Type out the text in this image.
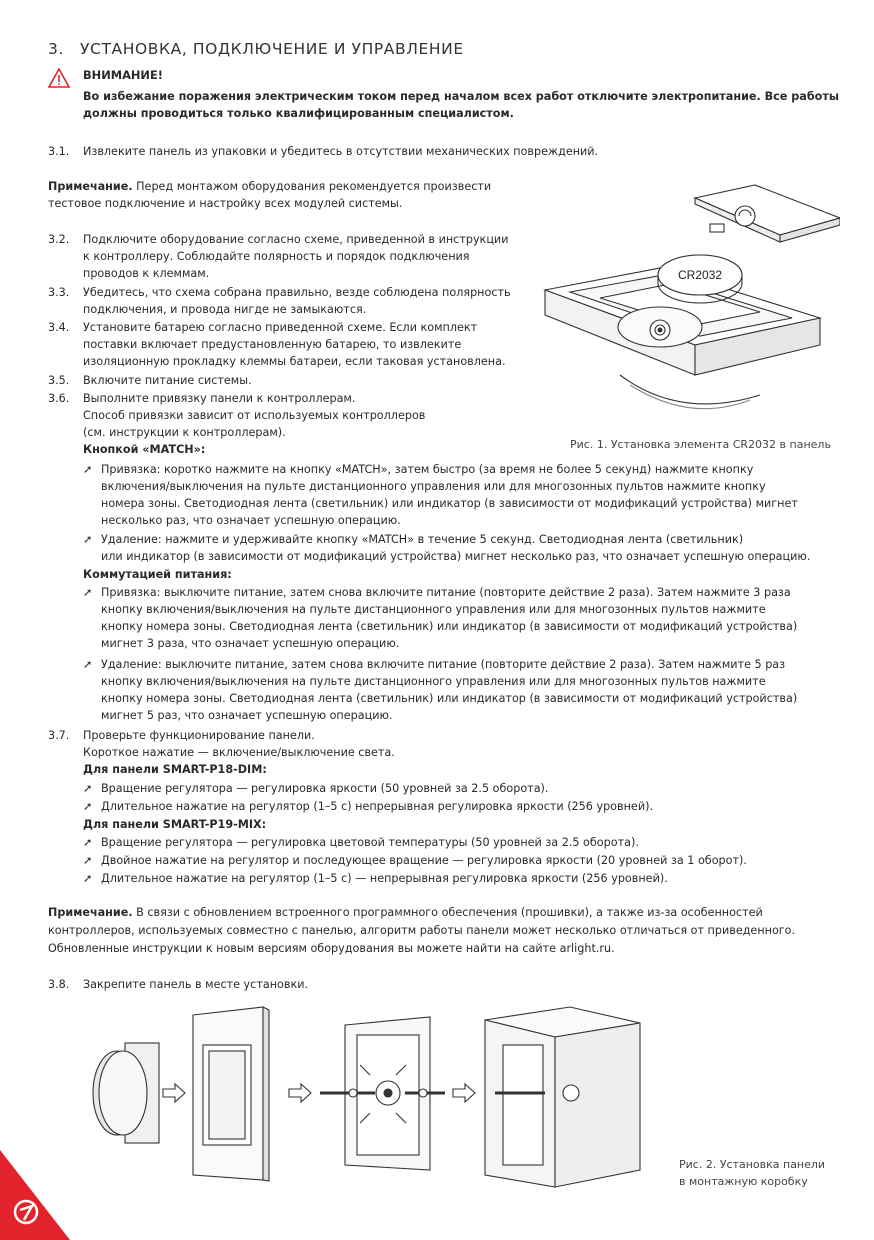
3. УСТАНОВКА, ПОДКЛЮЧЕНИЕ И УПРАВЛЕНИЕ
ВНИМАНИЕ!
Во избежание поражения электрическим током перед началом всех работ отключите электропитание. Все работы
должны проводиться только квалифицированным специалистом.
3.1. Извлеките панель из упаковки и убедитесь в отсутствии механических повреждений.
Примечание. Перед монтажом оборудования рекомендуется произвести
тестовое подключение и настройку всех модулей системы.
3.2. Подключите оборудование согласно схеме, приведенной в инструкции
к контроллеру. Соблюдайте полярность и порядок подключения
проводов к клеммам.
3.3. Убедитесь, что схема собрана правильно, везде соблюдена полярность
подключения, и провода нигде не замыкаются.
3.4. Установите батарею согласно приведенной схеме. Если комплект
поставки включает предустановленную батарею, то извлеките
изоляционную прокладку клеммы батареи, если таковая установлена.
3.5. Включите питание системы.
3.6. Выполните привязку панели к контроллерам.
Способ привязки зависит от используемых контроллеров
(см. инструкции к контроллерам).
Кнопкой «MATCH»:
CR2032
Рис. 1. Установка элемента CR2032 в панель
➚ Привязка: коротко нажмите на кнопку «MATCH», затем быстро (за время не более 5 секунд) нажмите кнопку
включения/выключения на пульте дистанционного управления или для многозонных пультов нажмите кнопку
номера зоны. Светодиодная лента (светильник) или индикатор (в зависимости от модификаций устройства) мигнет
несколько раз, что означает успешную операцию.
➚ Удаление: нажмите и удерживайте кнопку «MATCH» в течение 5 секунд. Светодиодная лента (светильник)
или индикатор (в зависимости от модификаций устройства) мигнет несколько раз, что означает успешную операцию.
Коммутацией питания:
➚ Привязка: выключите питание, затем снова включите питание (повторите действие 2 раза). Затем нажмите 3 раза
кнопку включения/выключения на пульте дистанционного управления или для многозонных пультов нажмите
кнопку номера зоны. Светодиодная лента (светильник) или индикатор (в зависимости от модификаций устройства)
мигнет 3 раза, что означает успешную операцию.
➚ Удаление: выключите питание, затем снова включите питание (повторите действие 2 раза). Затем нажмите 5 раз
кнопку включения/выключения на пульте дистанционного управления или для многозонных пультов нажмите
кнопку номера зоны. Светодиодная лента (светильник) или индикатор (в зависимости от модификаций устройства)
мигнет 5 раз, что означает успешную операцию.
3.7. Проверьте функционирование панели.
Короткое нажатие — включение/выключение света.
Для панели SMART-P18-DIM:
➚ Вращение регулятора — регулировка яркости (50 уровней за 2.5 оборота).
➚ Длительное нажатие на регулятор (1–5 с) непрерывная регулировка яркости (256 уровней).
Для панели SMART-P19-MIX:
➚ Вращение регулятора — регулировка цветовой температуры (50 уровней за 2.5 оборота).
➚ Двойное нажатие на регулятор и последующее вращение — регулировка яркости (20 уровней за 1 оборот).
➚ Длительное нажатие на регулятор (1–5 с) — непрерывная регулировка яркости (256 уровней).
Примечание. В связи с обновлением встроенного программного обеспечения (прошивки), а также из-за особенностей
контроллеров, используемых совместно с панелью, алгоритм работы панели может несколько отличаться от приведенного.
Обновленные инструкции к новым версиям оборудования вы можете найти на сайте arlight.ru.
3.8. Закрепите панель в месте установки.
Рис. 2. Установка панели
в монтажную коробку
